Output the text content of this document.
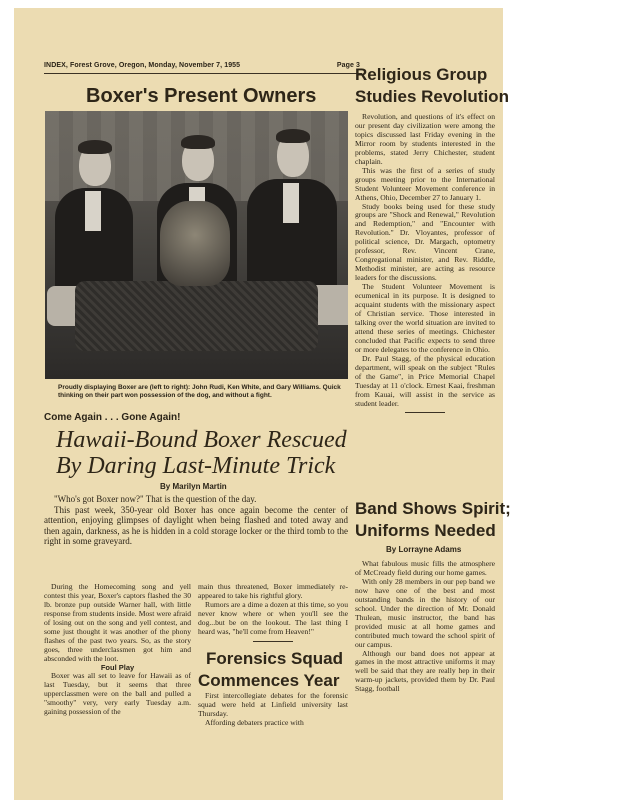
INDEX, Forest Grove, Oregon, Monday, November 7, 1955	Page 3
Boxer's Present Owners
Proudly displaying Boxer are (left to right): John Rudi, Ken White, and Gary Williams. Quick thinking on their part won possession of the dog, and without a fight.
Come Again . . . Gone Again!
Hawaii-Bound Boxer Rescued
By Daring Last-Minute Trick
By Marilyn Martin

"Who's got Boxer now?" That is the question of the day.

This past week, 350-year old Boxer has once again become the center of attention, enjoying glimpses of daylight when being flashed and toted away and then again, darkness, as he is hidden in a cold storage locker or the third tomb to the right in some graveyard.

During the Homecoming song and yell contest this year, Boxer's captors flashed the 30 lb. bronze pup outside Warner hall, with little response from students inside. Most were afraid of losing out on the song and yell contest, and some just thought it was another of the phony flashes of the past two years. So, as the story goes, three underclassmen got him and absconded with the loot.

Foul Play

Boxer was all set to leave for Hawaii as of last Tuesday, but it seems that three upperclassmen were on the ball and pulled a "smoothy" very, very early Tuesday a.m. gaining possession of the

main thus threatened, Boxer immediately re-appeared to take his rightful glory.

Rumors are a dime a dozen at this time, so you never know where or when you'll see the dog...but be on the lookout. The last thing I heard was, "he'll come from Heaven!"

Forensics Squad
Commences Year

First intercollegiate debates for the forensic squad were held at Linfield university last Thursday.

Affording debaters practice with

Religious Group
Studies Revolution

Revolution, and questions of it's effect on our present day civilization were among the topics discussed last Friday evening in the Mirror room by students interested in the problems, stated Jerry Chichester, student chaplain.

This was the first of a series of study groups meeting prior to the International Student Volunteer Movement conference in Athens, Ohio, December 27 to January 1.

Study books being used for these study groups are "Shock and Renewal," Revolution and Redemption," and "Encounter with Revolution." Dr. Vloyantes, professor of political science, Dr. Margach, optometry professor, Rev. Vincent Crane, Congregational minister, and Rev. Riddle, Methodist minister, are acting as resource leaders for the discussions.

The Student Volunteer Movement is ecumenical in its purpose. It is designed to acquaint students with the missionary aspect of Christian service. Those interested in talking over the world situation are invited to attend these series of meetings. Chichester concluded that Pacific expects to send three or more delegates to the conference in Ohio.

Dr. Paul Stagg, of the physical education department, will speak on the subject "Rules of the Game", in Price Memorial Chapel Tuesday at 11 o'clock. Ernest Kaai, freshman from Kauai, will assist in the service as student leader.

Band Shows Spirit;
Uniforms Needed
By Lorrayne Adams

What fabulous music fills the atmosphere of McCready field during our home games.

With only 28 members in our pep band we now have one of the best and most outstanding bands in the history of our school. Under the direction of Mr. Donald Thulean, music instructor, the band has provided music at all home games and contributed much toward the school spirit of our campus.

Although our band does not appear at games in the most attractive uniforms it may well be said that they are really hep in their warm-up jackets, provided them by Dr. Paul Stagg, football
